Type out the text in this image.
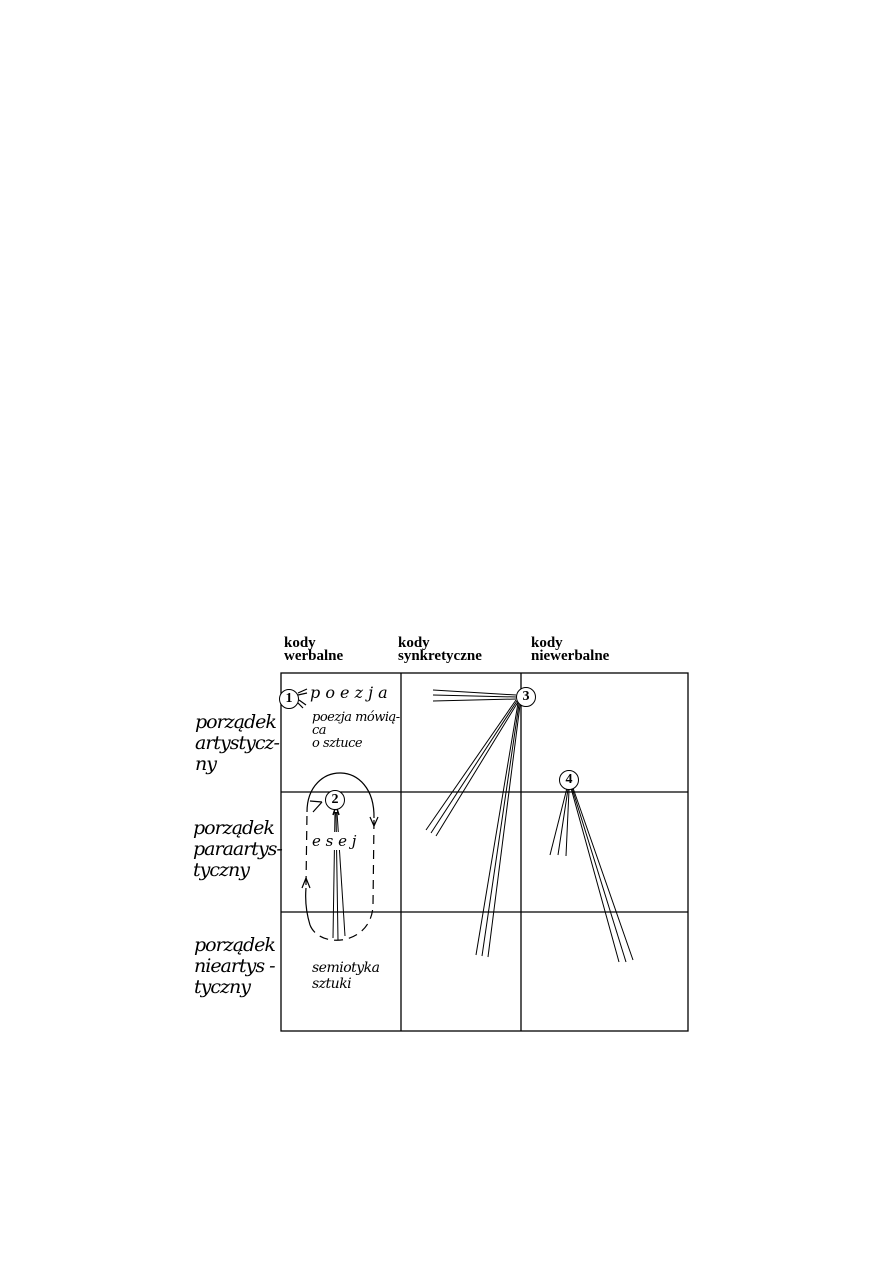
kody
werbalne
kody
synkretyczne
kody
niewerbalne
porządek
artystycz-
ny
porządek
paraartys-
tyczny
porządek
nieartys -
tyczny
1
2
3
4
p o e z j a
poezja mówią-
ca
o sztuce
e s e j
semiotyka
sztuki
